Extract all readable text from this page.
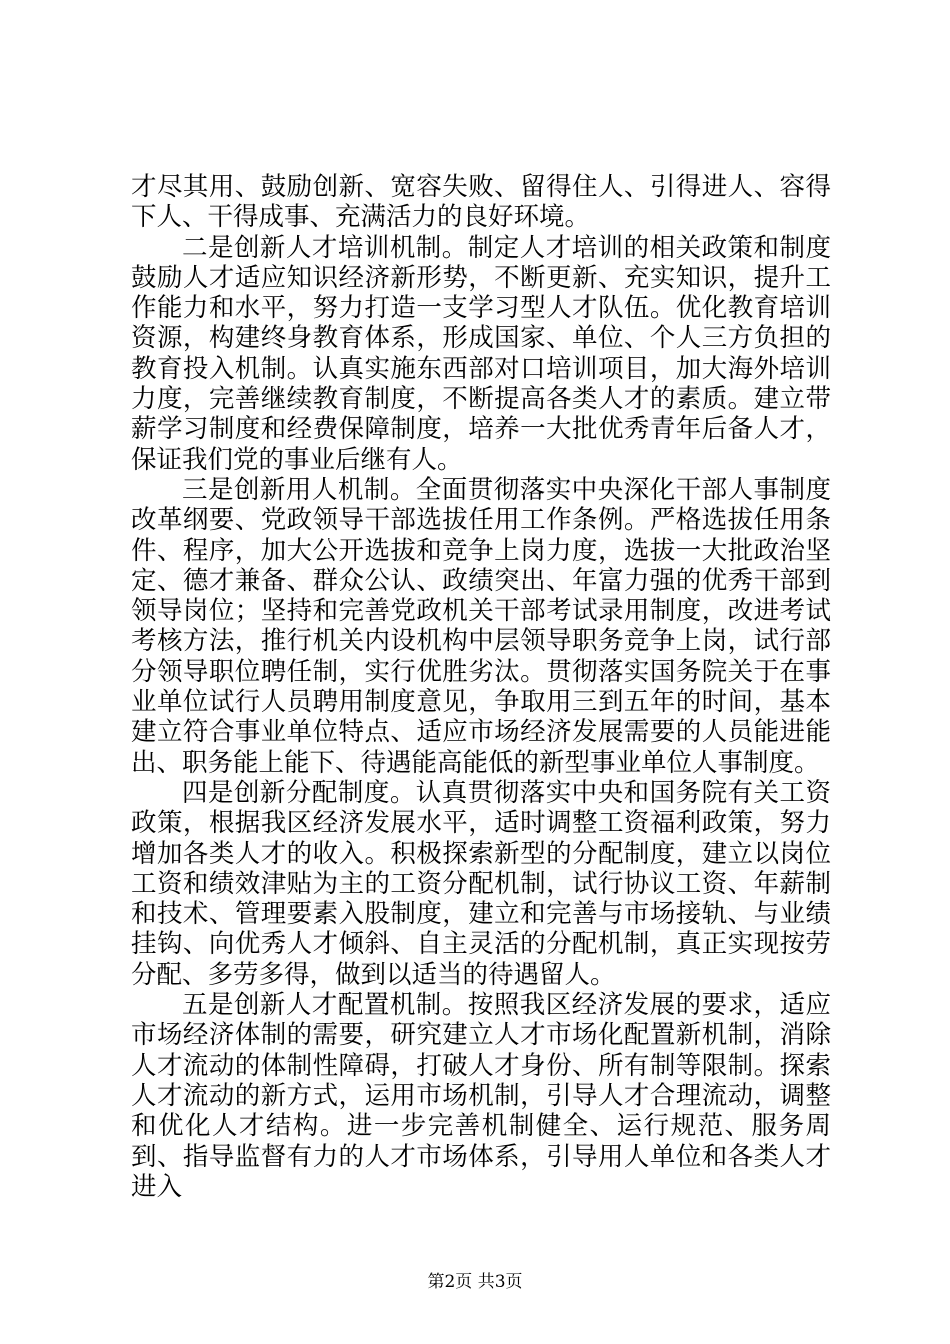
才尽其用、鼓励创新、宽容失败、留得住人、引得进人、容得下人、干得成事、充满活力的良好环境。

二是创新人才培训机制。制定人才培训的相关政策和制度鼓励人才适应知识经济新形势，不断更新、充实知识，提升工作能力和水平，努力打造一支学习型人才队伍。优化教育培训资源，构建终身教育体系，形成国家、单位、个人三方负担的教育投入机制。认真实施东西部对口培训项目，加大海外培训力度，完善继续教育制度，不断提高各类人才的素质。建立带薪学习制度和经费保障制度，培养一大批优秀青年后备人才，保证我们党的事业后继有人。

三是创新用人机制。全面贯彻落实中央深化干部人事制度改革纲要、党政领导干部选拔任用工作条例。严格选拔任用条件、程序，加大公开选拔和竞争上岗力度，选拔一大批政治坚定、德才兼备、群众公认、政绩突出、年富力强的优秀干部到领导岗位；坚持和完善党政机关干部考试录用制度，改进考试考核方法，推行机关内设机构中层领导职务竞争上岗，试行部分领导职位聘任制，实行优胜劣汰。贯彻落实国务院关于在事业单位试行人员聘用制度意见，争取用三到五年的时间，基本建立符合事业单位特点、适应市场经济发展需要的人员能进能出、职务能上能下、待遇能高能低的新型事业单位人事制度。

四是创新分配制度。认真贯彻落实中央和国务院有关工资政策，根据我区经济发展水平，适时调整工资福利政策，努力增加各类人才的收入。积极探索新型的分配制度，建立以岗位工资和绩效津贴为主的工资分配机制，试行协议工资、年薪制和技术、管理要素入股制度，建立和完善与市场接轨、与业绩挂钩、向优秀人才倾斜、自主灵活的分配机制，真正实现按劳分配、多劳多得，做到以适当的待遇留人。

五是创新人才配置机制。按照我区经济发展的要求，适应市场经济体制的需要，研究建立人才市场化配置新机制，消除人才流动的体制性障碍，打破人才身份、所有制等限制。探索人才流动的新方式，运用市场机制，引导人才合理流动，调整和优化人才结构。进一步完善机制健全、运行规范、服务周到、指导监督有力的人才市场体系，引导用人单位和各类人才进入

第2页 共3页
